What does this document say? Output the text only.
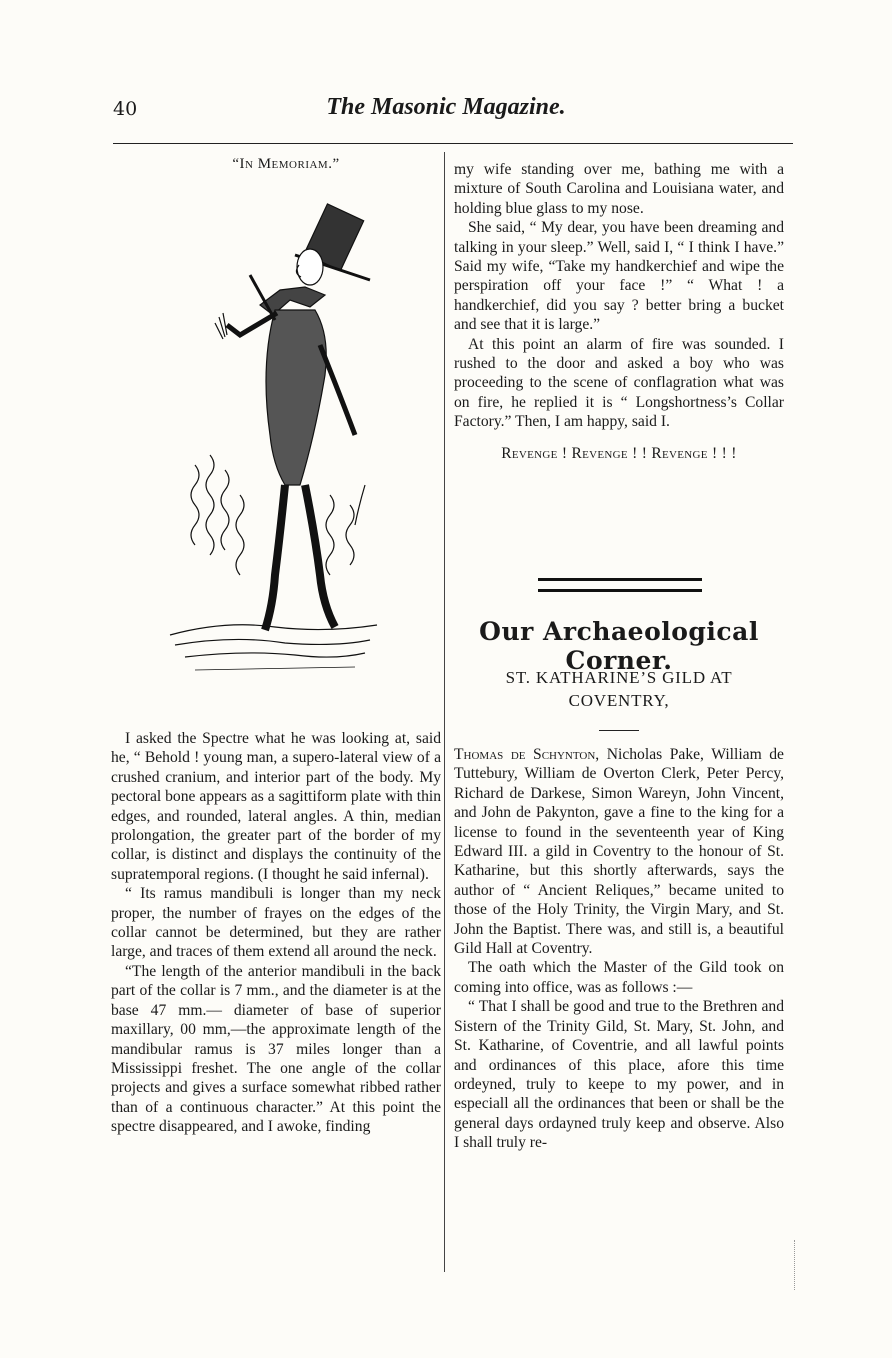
40	The Masonic Magazine.

“In Memoriam.”

I asked the Spectre what he was looking at, said he, “ Behold ! young man, a supero-lateral view of a crushed cranium, and interior part of the body. My pectoral bone appears as a sagittiform plate with thin edges, and rounded, lateral angles. A thin, median prolongation, the greater part of the border of my collar, is distinct and displays the continuity of the supratemporal regions. (I thought he said infernal).

“ Its ramus mandibuli is longer than my neck proper, the number of frayes on the edges of the collar cannot be determined, but they are rather large, and traces of them extend all around the neck.

“The length of the anterior mandibuli in the back part of the collar is 7 mm., and the diameter is at the base 47 mm.— diameter of base of superior maxillary, 00 mm,—the approximate length of the mandibular ramus is 37 miles longer than a Mississippi freshet. The one angle of the collar projects and gives a surface somewhat ribbed rather than of a continuous character.” At this point the spectre disappeared, and I awoke, finding

my wife standing over me, bathing me with a mixture of South Carolina and Louisiana water, and holding blue glass to my nose.

She said, “ My dear, you have been dreaming and talking in your sleep.” Well, said I, “ I think I have.” Said my wife, “Take my handkerchief and wipe the perspiration off your face !” “ What ! a handkerchief, did you say ? better bring a bucket and see that it is large.”

At this point an alarm of fire was sounded. I rushed to the door and asked a boy who was proceeding to the scene of conflagration what was on fire, he replied it is “ Longshortness’s Collar Factory.” Then, I am happy, said I.

Revenge ! Revenge ! ! Revenge ! ! !

Our Archaeological Corner.
ST. KATHARINE’S GILD AT COVENTRY,

Thomas de Schynton, Nicholas Pake, William de Tuttebury, William de Overton Clerk, Peter Percy, Richard de Darkese, Simon Wareyn, John Vincent, and John de Pakynton, gave a fine to the king for a license to found in the seventeenth year of King Edward III. a gild in Coventry to the honour of St. Katharine, but this shortly afterwards, says the author of “ Ancient Reliques,” became united to those of the Holy Trinity, the Virgin Mary, and St. John the Baptist. There was, and still is, a beautiful Gild Hall at Coventry.

The oath which the Master of the Gild took on coming into office, was as follows :—

“ That I shall be good and true to the Brethren and Sistern of the Trinity Gild, St. Mary, St. John, and St. Katharine, of Coventrie, and all lawful points and ordinances of this place, afore this time ordeyned, truly to keepe to my power, and in especiall all the ordinances that been or shall be the general days ordayned truly keep and observe. Also I shall truly re-
